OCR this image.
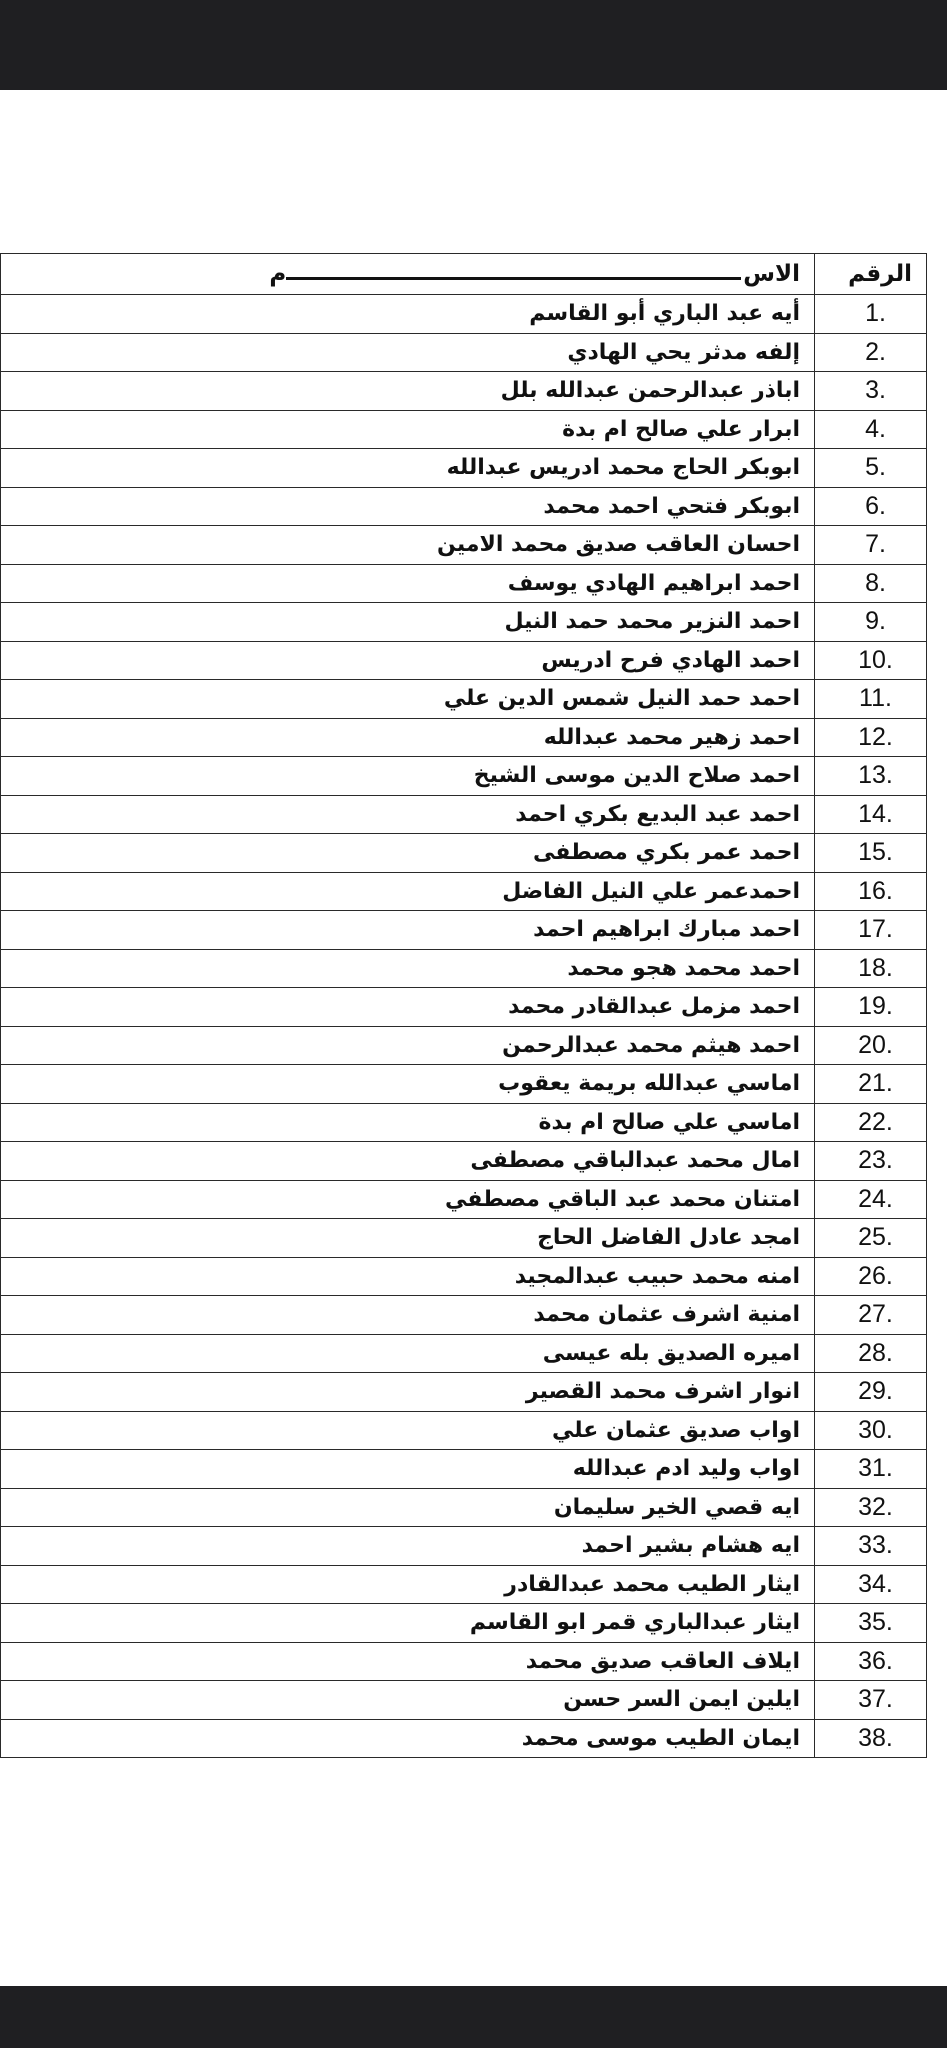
الرقم	الاس
م

1.	أيه عبد الباري أبو القاسم
2.	إلفه مدثر يحي الهادي
3.	اباذر عبدالرحمن عبدالله بلل
4.	ابرار علي صالح ام بدة
5.	ابوبكر الحاج محمد ادريس عبدالله
6.	ابوبكر فتحي احمد محمد
7.	احسان العاقب صديق محمد الامين
8.	احمد ابراهيم الهادي يوسف
9.	احمد النزير محمد حمد النيل
10.	احمد الهادي فرح ادريس
11.	احمد حمد النيل شمس الدين علي
12.	احمد زهير محمد عبدالله
13.	احمد صلاح الدين موسى الشيخ
14.	احمد عبد البديع بكري احمد
15.	احمد عمر بكري مصطفى
16.	احمدعمر علي النيل الفاضل
17.	احمد مبارك ابراهيم احمد
18.	احمد محمد هجو محمد
19.	احمد مزمل عبدالقادر محمد
20.	احمد هيثم محمد عبدالرحمن
21.	اماسي عبدالله بريمة يعقوب
22.	اماسي علي صالح ام بدة
23.	امال محمد عبدالباقي مصطفى
24.	امتنان محمد عبد الباقي مصطفي
25.	امجد عادل الفاضل الحاج
26.	امنه محمد حبيب عبدالمجيد
27.	امنية اشرف عثمان محمد
28.	اميره الصديق بله عيسى
29.	انوار اشرف محمد القصير
30.	اواب صديق عثمان علي
31.	اواب وليد ادم عبدالله
32.	ايه قصي الخير سليمان
33.	ايه هشام بشير احمد
34.	ايثار الطيب محمد عبدالقادر
35.	ايثار عبدالباري قمر ابو القاسم
36.	ايلاف العاقب صديق محمد
37.	ايلين ايمن السر حسن
38.	ايمان الطيب موسى محمد
